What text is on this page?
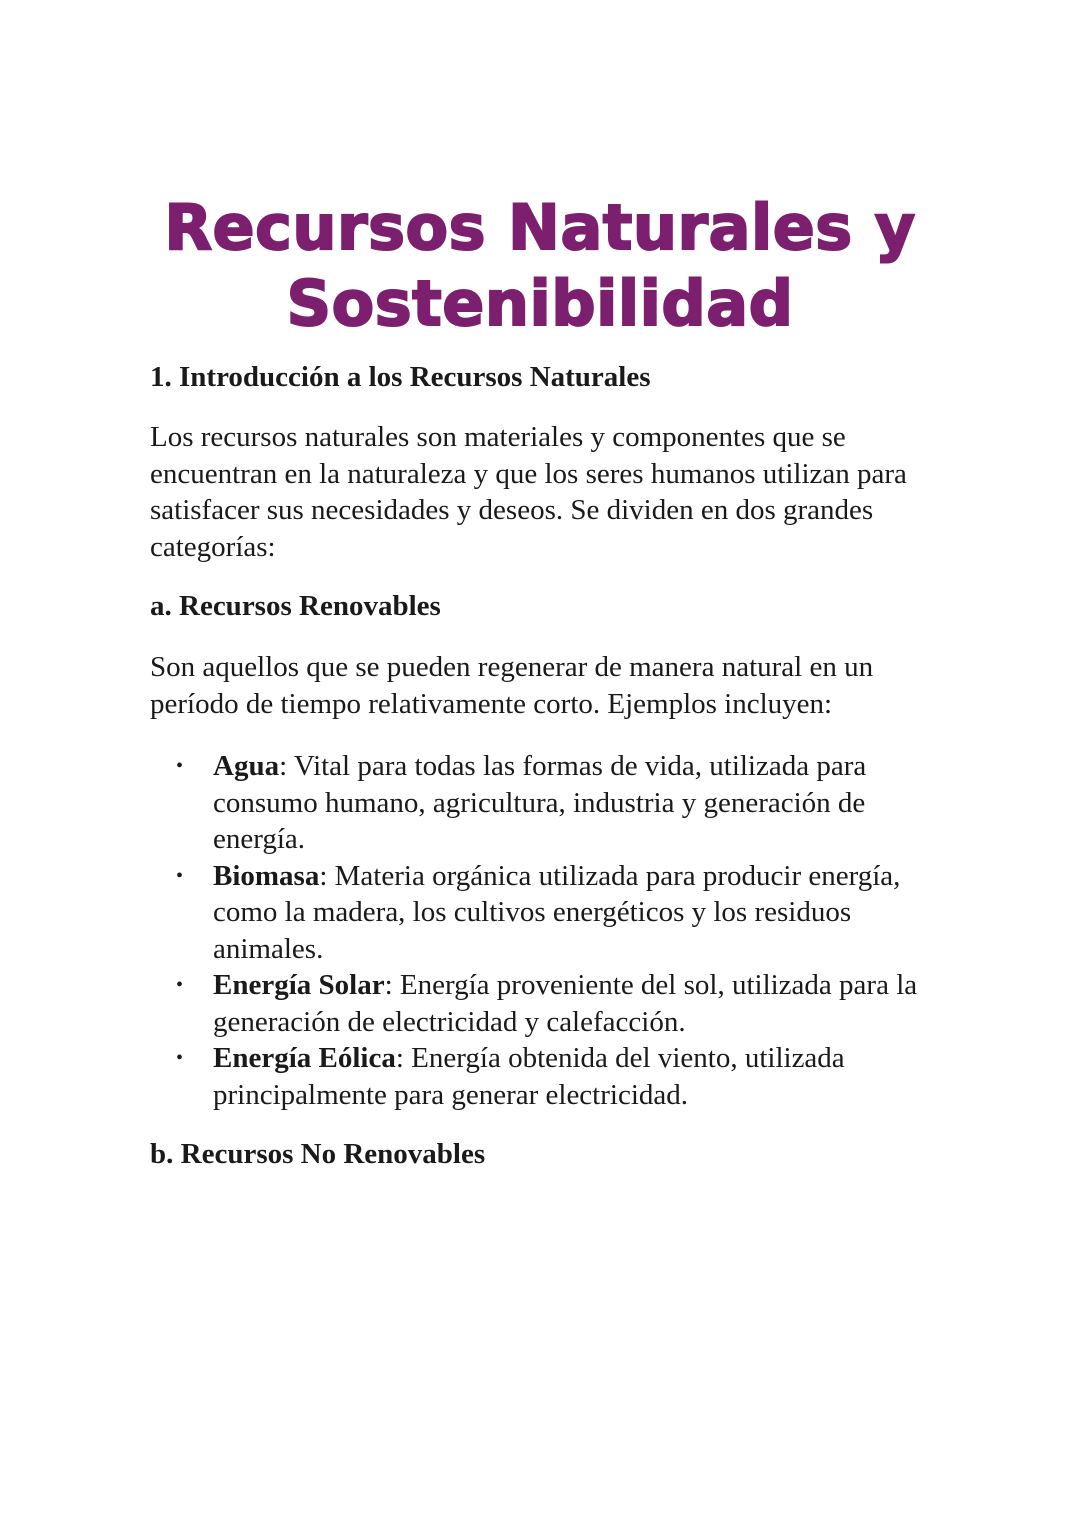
Recursos Naturales y
Sostenibilidad
1. Introducción a los Recursos Naturales

Los recursos naturales son materiales y componentes que se encuentran en la naturaleza y que los seres humanos utilizan para satisfacer sus necesidades y deseos. Se dividen en dos grandes categorías:

a. Recursos Renovables

Son aquellos que se pueden regenerar de manera natural en un período de tiempo relativamente corto. Ejemplos incluyen:

• Agua: Vital para todas las formas de vida, utilizada para consumo humano, agricultura, industria y generación de energía.
• Biomasa: Materia orgánica utilizada para producir energía, como la madera, los cultivos energéticos y los residuos animales.
• Energía Solar: Energía proveniente del sol, utilizada para la generación de electricidad y calefacción.
• Energía Eólica: Energía obtenida del viento, utilizada principalmente para generar electricidad.
b. Recursos No Renovables
